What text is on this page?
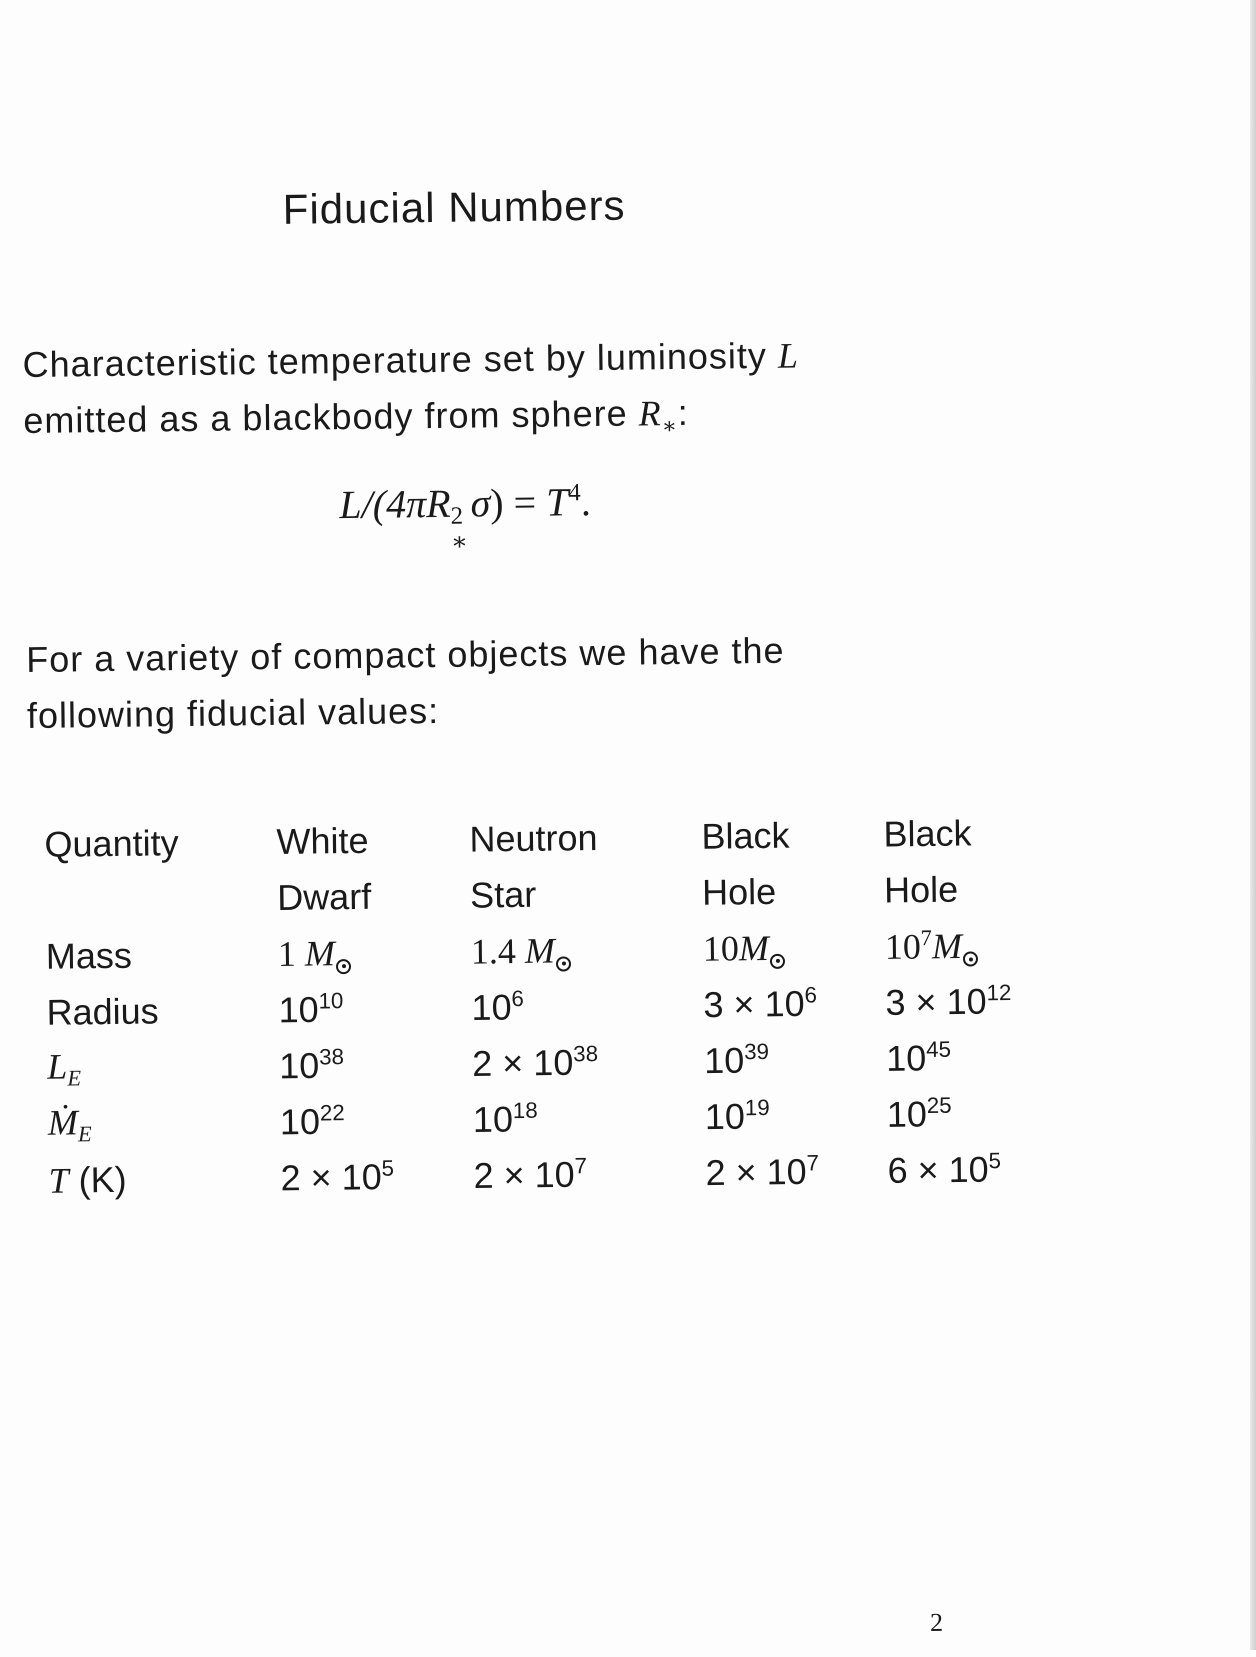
Fiducial Numbers
Characteristic temperature set by luminosity L
emitted as a blackbody from sphere $R_∗$:
L/(4πR 2
∗
$\sigma) = T^4$.
For a variety of compact objects we have the
following fiducial values:
Quantity	White	Neutron	Black	Black
	Dwarf	Star	Hole	Hole
Mass	1 M	1.4 M	10M	$10^7M$
Radius	$10^{10}$	$10^6$	$3 \times 10^6$	$3 \times 10^{12}$
$L_E$	$10^{38}$	$2 \times 10^{38}$	$10^{39}$	$10^{45}$
Ṁ$_E$	$10^{22}$	$10^{18}$	$10^{19}$	$10^{25}$
T (K)	$2 \times 10^5$	$2 \times 10^7$	$2 \times 10^7$	$6 \times 10^5$
2
